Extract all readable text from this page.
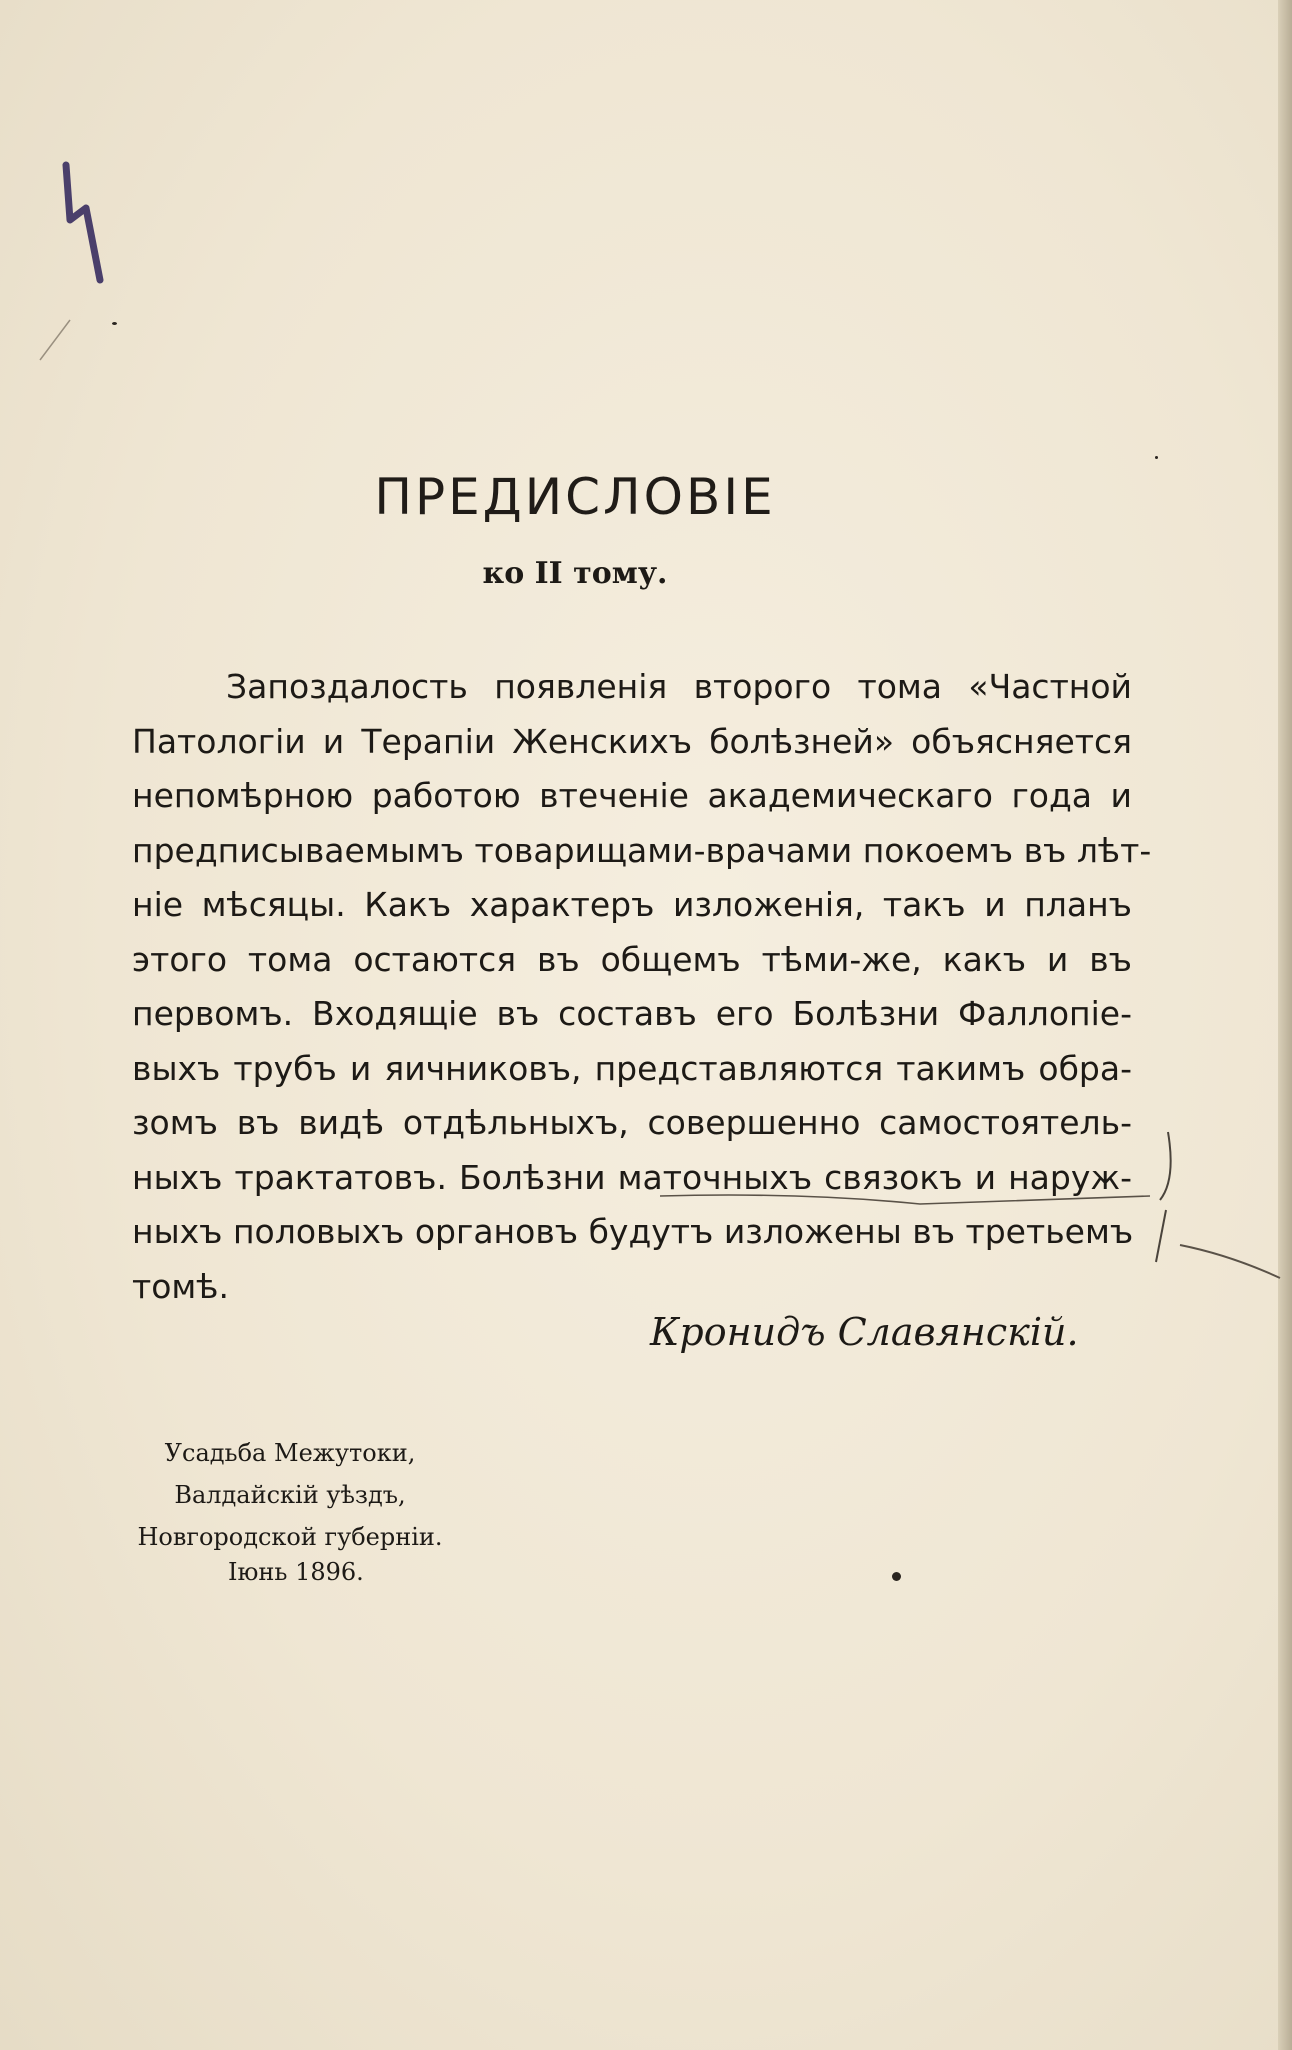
ПРЕДИСЛОВIЕ
ко II тому.
Запоздалость появленiя второго тома «Частной
Патологiи и Терапiи Женскихъ болѣзней» объясняется
непомѣрною работою втеченiе академическаго года и
предписываемымъ товарищами-врачами покоемъ въ лѣт-
нiе мѣсяцы. Какъ характеръ изложенiя, такъ и планъ
этого тома остаются въ общемъ тѣми-же, какъ и въ
первомъ. Входящiе въ составъ его Болѣзни Фаллопiе-
выхъ трубъ и яичниковъ, представляются такимъ обра-
зомъ въ видѣ отдѣльныхъ, совершенно самостоятель-
ныхъ трактатовъ. Болѣзни маточныхъ связокъ и наруж-
ныхъ половыхъ органовъ будутъ изложены въ третьемъ
томѣ.
Кронидъ Славянскiй.
Усадьба Межутоки,
Валдайскiй уѣздъ,
Новгородской губернiи.
Iюнь 1896.
